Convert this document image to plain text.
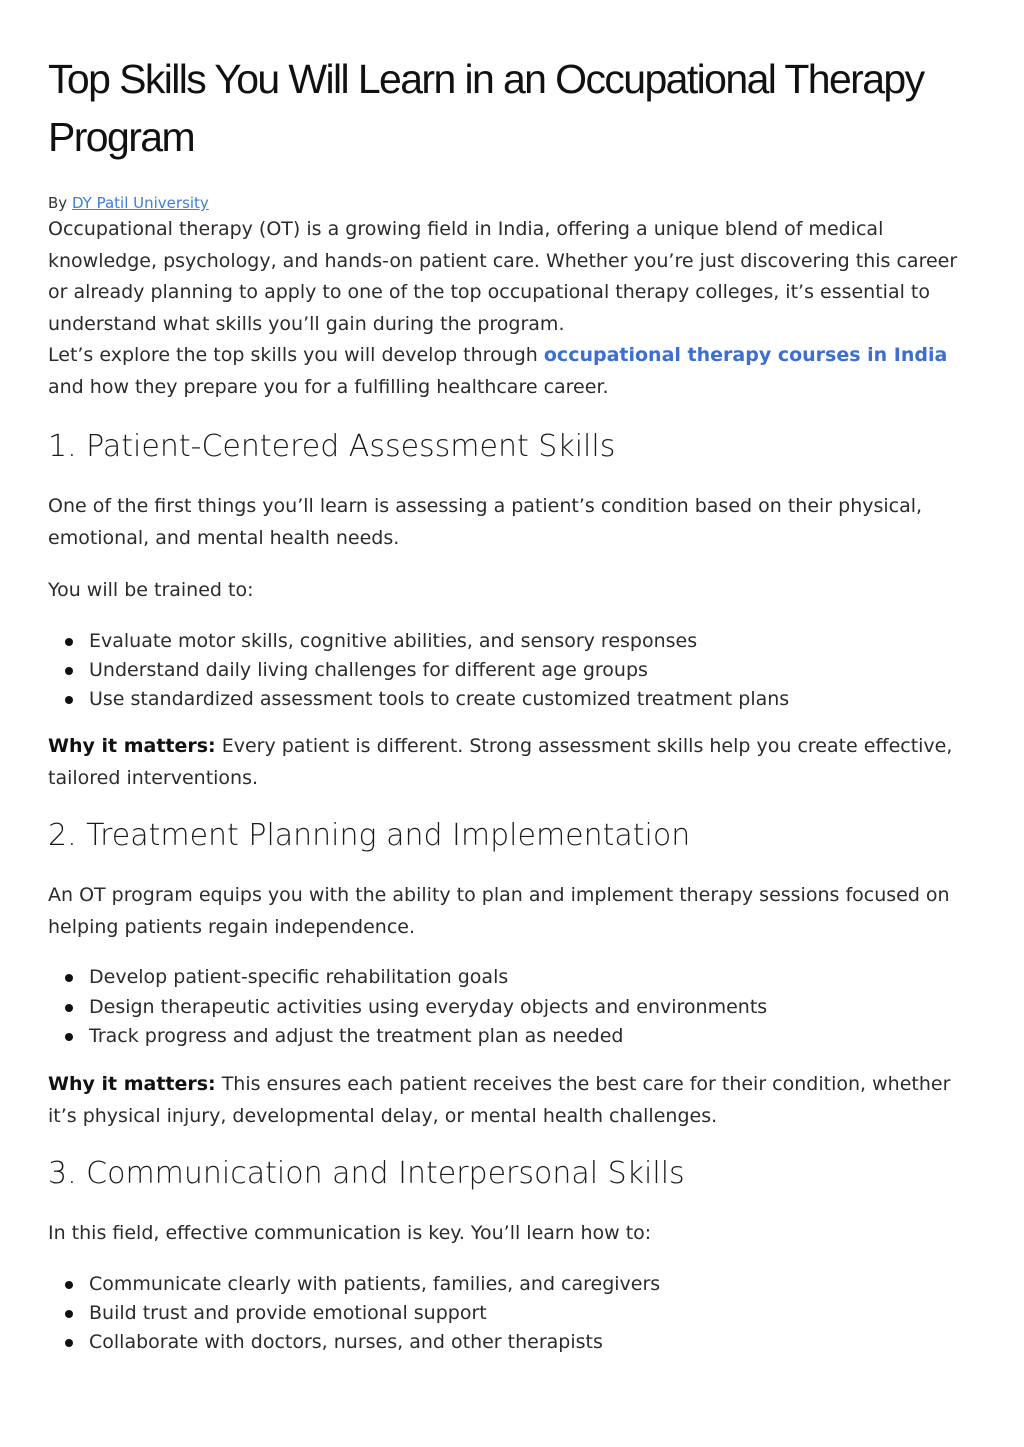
Top Skills You Will Learn in an Occupational Therapy Program
By DY Patil University

Occupational therapy (OT) is a growing field in India, offering a unique blend of medical knowledge, psychology, and hands-on patient care. Whether you’re just discovering this career or already planning to apply to one of the top occupational therapy colleges, it’s essential to understand what skills you’ll gain during the program.

Let’s explore the top skills you will develop through occupational therapy courses in India and how they prepare you for a fulfilling healthcare career.

1. Patient-Centered Assessment Skills

One of the first things you’ll learn is assessing a patient’s condition based on their physical, emotional, and mental health needs.

You will be trained to:

Evaluate motor skills, cognitive abilities, and sensory responses
Understand daily living challenges for different age groups
Use standardized assessment tools to create customized treatment plans

Why it matters: Every patient is different. Strong assessment skills help you create effective, tailored interventions.

2. Treatment Planning and Implementation

An OT program equips you with the ability to plan and implement therapy sessions focused on helping patients regain independence.

Develop patient-specific rehabilitation goals
Design therapeutic activities using everyday objects and environments
Track progress and adjust the treatment plan as needed

Why it matters: This ensures each patient receives the best care for their condition, whether it’s physical injury, developmental delay, or mental health challenges.

3. Communication and Interpersonal Skills

In this field, effective communication is key. You’ll learn how to:

Communicate clearly with patients, families, and caregivers
Build trust and provide emotional support
Collaborate with doctors, nurses, and other therapists
